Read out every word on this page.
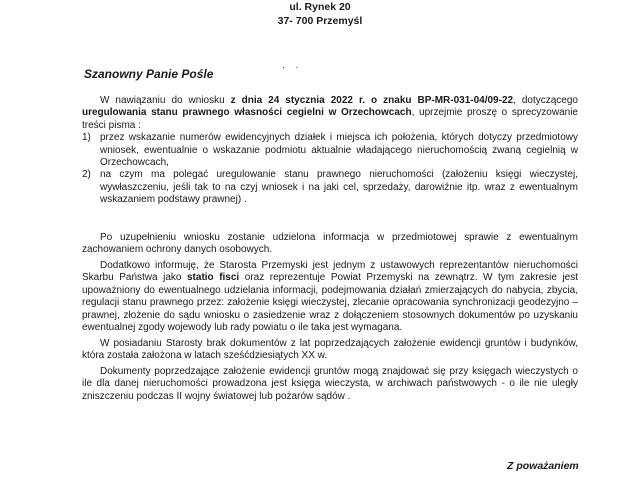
ul. Rynek 20
37- 700 Przemyśl
. .
Szanowny Panie Pośle

W nawiązaniu do wniosku z dnia 24 stycznia 2022 r. o znaku BP-MR-031-04/09-22, dotyczącego uregulowania stanu prawnego własności cegielni w Orzechowcach, uprzejmie proszę o sprecyzowanie treści pisma :

1) przez wskazanie numerów ewidencyjnych działek i miejsca ich położenia, których dotyczy przedmiotowy wniosek, ewentualnie o wskazanie podmiotu aktualnie władającego nieruchomością zwaną cegielnią w Orzechowcach,
2) na czym ma polegać uregulowanie stanu prawnego nieruchomości (założeniu księgi wieczystej, wywłaszczeniu, jeśli tak to na czyj wniosek i na jaki cel, sprzedaży, darowiźnie itp. wraz z ewentualnym wskazaniem podstawy prawnej) .

Po uzupełnieniu wniosku zostanie udzielona informacja w przedmiotowej sprawie z ewentualnym zachowaniem ochrony danych osobowych.

Dodatkowo informuję, że Starosta Przemyski jest jednym z ustawowych reprezentantów nieruchomości Skarbu Państwa jako statio fisci oraz reprezentuje Powiat Przemyski na zewnątrz. W tym zakresie jest upoważniony do ewentualnego udzielania informacji, podejmowania działań zmierzających do nabycia, zbycia, regulacji stanu prawnego przez: założenie księgi wieczystej, zlecanie opracowania synchronizacji geodezyjno – prawnej, złożenie do sądu wniosku o zasiedzenie wraz z dołączeniem stosownych dokumentów po uzyskaniu ewentualnej zgody wojewody lub rady powiatu o ile taka jest wymagana.

W posiadaniu Starosty brak dokumentów z lat poprzedzających założenie ewidencji gruntów i budynków, która została założona w latach sześćdziesiątych XX w.

Dokumenty poprzedzające założenie ewidencji gruntów mogą znajdować się przy księgach wieczystych o ile dla danej nieruchomości prowadzona jest księga wieczysta, w archiwach państwowych - o ile nie uległy zniszczeniu podczas II wojny światowej lub pożarów sądów .

Z poważaniem
